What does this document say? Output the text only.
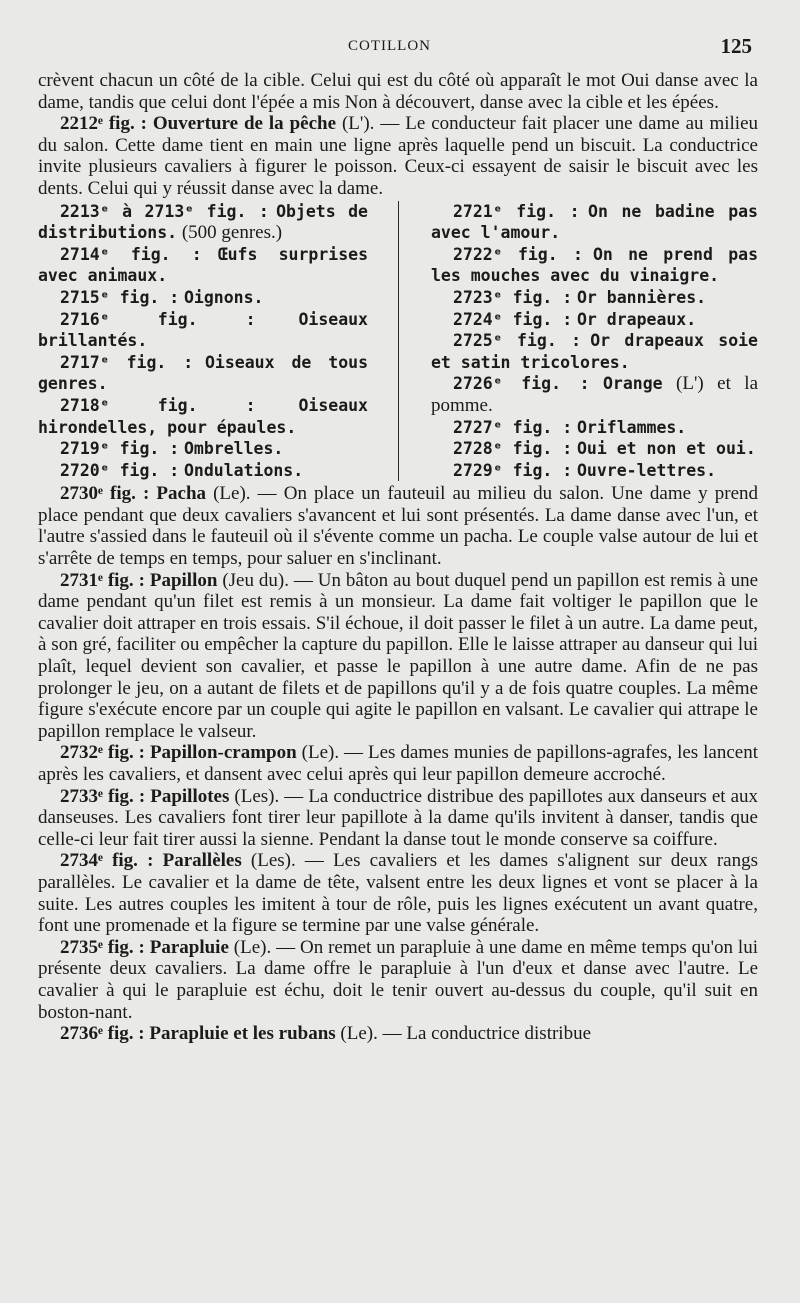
COTILLON	125

crèvent chacun un côté de la cible. Celui qui est du côté où apparaît le mot Oui danse avec la dame, tandis que celui dont l'épée a mis Non à découvert, danse avec la cible et les épées.

2212ᵉ fig. : Ouverture de la pêche (L'). — Le conducteur fait placer une dame au milieu du salon. Cette dame tient en main une ligne après laquelle pend un biscuit. La conductrice invite plusieurs cavaliers à figurer le poisson. Ceux-ci essayent de saisir le biscuit avec les dents. Celui qui y réussit danse avec la dame.

2213ᵉ à 2713ᵉ fig. : Objets de distributions. (500 genres.)

2714ᵉ fig. : Œufs surprises avec animaux.

2715ᵉ fig. : Oignons.

2716ᵉ fig. :	Oiseaux brillantés.

2717ᵉ fig. : Oiseaux de tous genres.

2718ᵉ fig. :	Oiseaux hirondelles, pour épaules.

2719ᵉ fig. : Ombrelles.

2720ᵉ fig. : Ondulations.

2721ᵉ fig. : On ne badine pas avec l'amour.

2722ᵉ fig. : On ne prend pas les mouches avec du vinaigre.

2723ᵉ fig. : Or bannières.

2724ᵉ fig. : Or drapeaux.

2725ᵉ fig. : Or drapeaux soie et satin tricolores.

2726ᵉ fig. : Orange (L') et la pomme.

2727ᵉ fig. : Oriflammes.

2728ᵉ fig. : Oui et non et oui.

2729ᵉ fig. : Ouvre-lettres.

2730ᵉ fig. : Pacha (Le). — On place un fauteuil au milieu du salon. Une dame y prend place pendant que deux cavaliers s'avancent et lui sont présentés. La dame danse avec l'un, et l'autre s'assied dans le fauteuil où il s'évente comme un pacha. Le couple valse autour de lui et s'arrête de temps en temps, pour saluer en s'inclinant.

2731ᵉ fig. : Papillon (Jeu du). — Un bâton au bout duquel pend un papillon est remis à une dame pendant qu'un filet est remis à un monsieur. La dame fait voltiger le papillon que le cavalier doit attraper en trois essais. S'il échoue, il doit passer le filet à un autre. La dame peut, à son gré, faciliter ou empêcher la capture du papillon. Elle le laisse attraper au danseur qui lui plaît, lequel devient son cavalier, et passe le papillon à une autre dame. Afin de ne pas prolonger le jeu, on a autant de filets et de papillons qu'il y a de fois quatre couples. La même figure s'exécute encore par un couple qui agite le papillon en valsant. Le cavalier qui attrape le papillon remplace le valseur.

2732ᵉ fig. : Papillon-crampon (Le). — Les dames munies de papillons-agrafes, les lancent après les cavaliers, et dansent avec celui après qui leur papillon demeure accroché.

2733ᵉ fig. : Papillotes (Les). — La conductrice distribue des papillotes aux danseurs et aux danseuses. Les cavaliers font tirer leur papillote à la dame qu'ils invitent à danser, tandis que celle-ci leur fait tirer aussi la sienne. Pendant la danse tout le monde conserve sa coiffure.

2734ᵉ fig. : Parallèles (Les). — Les cavaliers et les dames s'alignent sur deux rangs parallèles. Le cavalier et la dame de tête, valsent entre les deux lignes et vont se placer à la suite. Les autres couples les imitent à tour de rôle, puis les lignes exécutent un avant quatre, font une promenade et la figure se termine par une valse générale.

2735ᵉ fig. : Parapluie (Le). — On remet un parapluie à une dame en même temps qu'on lui présente deux cavaliers. La dame offre le parapluie à l'un d'eux et danse avec l'autre. Le cavalier à qui le parapluie est échu, doit le tenir ouvert au-dessus du couple, qu'il suit en boston-nant.

2736ᵉ fig. : Parapluie et les rubans (Le). — La conductrice distribue
